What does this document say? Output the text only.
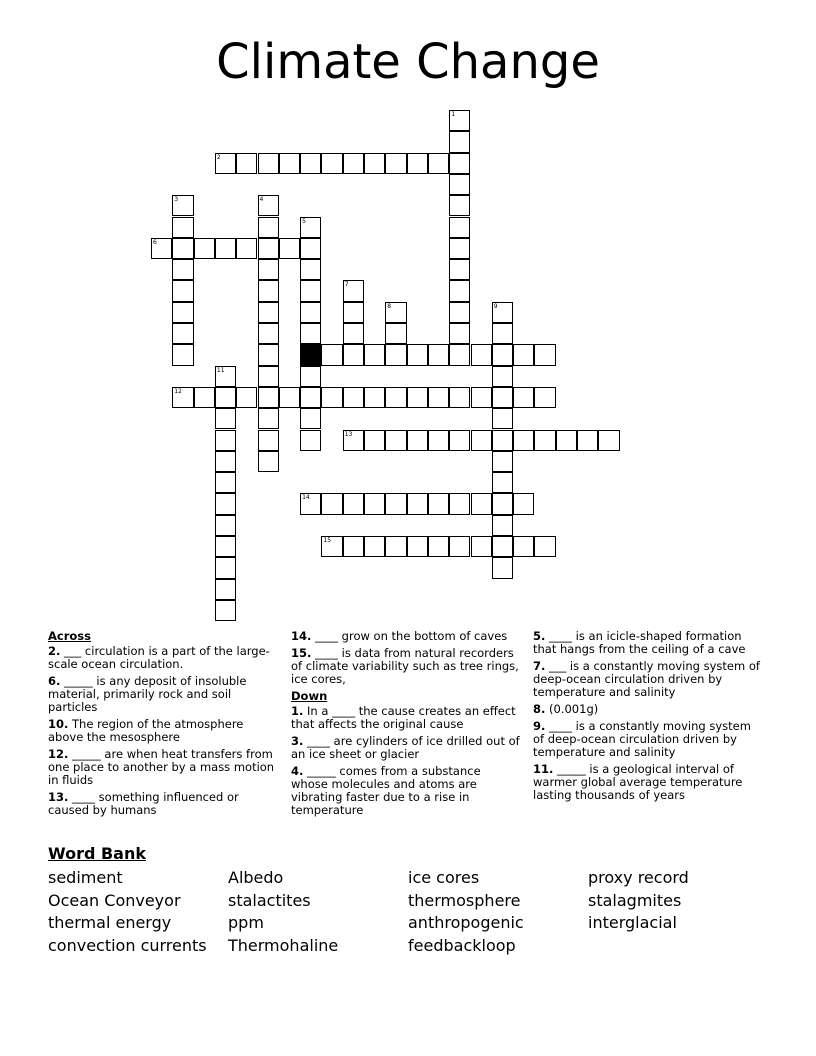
Climate Change
1
2
3	4
5
6
7
8	9
11
12
13
14
15
Across
2. ___ circulation is a part of the large-scale ocean circulation.
6. _____ is any deposit of insoluble material, primarily rock and soil particles
10. The region of the atmosphere above the mesosphere
12. _____ are when heat transfers from one place to another by a mass motion in fluids
13. ____ something influenced or caused by humans
14. ____ grow on the bottom of caves
15. ____ is data from natural recorders of climate variability such as tree rings, ice cores,
Down
1. In a ____ the cause creates an effect that affects the original cause
3. ____ are cylinders of ice drilled out of an ice sheet or glacier
4. _____ comes from a substance whose molecules and atoms are vibrating faster due to a rise in temperature
5. ____ is an icicle-shaped formation that hangs from the ceiling of a cave
7. ___ is a constantly moving system of deep-ocean circulation driven by temperature and salinity
8. (0.001g)
9. ____ is a constantly moving system of deep-ocean circulation driven by temperature and salinity
11. _____ is a geological interval of warmer global average temperature lasting thousands of years
Word Bank
sediment	Albedo	ice cores	proxy record
Ocean Conveyor	stalactites	thermosphere	stalagmites
thermal energy	ppm	anthropogenic	interglacial
convection currents	Thermohaline	feedbackloop
